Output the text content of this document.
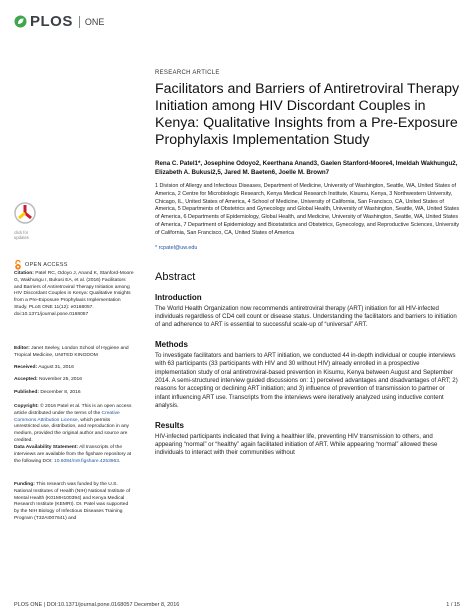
PLOS ONE
RESEARCH ARTICLE
Facilitators and Barriers of Antiretroviral Therapy Initiation among HIV Discordant Couples in Kenya: Qualitative Insights from a Pre-Exposure Prophylaxis Implementation Study
Rena C. Patel1*, Josephine Odoyo2, Keerthana Anand3, Gaelen Stanford-Moore4, Imeldah Wakhungu2, Elizabeth A. Bukusi2,5, Jared M. Baeten6, Joelle M. Brown7
1 Division of Allergy and Infectious Diseases, Department of Medicine, University of Washington, Seattle, WA, United States of America, 2 Centre for Microbiologic Research, Kenya Medical Research Institute, Kisumu, Kenya, 3 Northwestern University, Chicago, IL, United States of America, 4 School of Medicine, University of California, San Francisco, CA, United States of America, 5 Departments of Obstetrics and Gynecology and Global Health, University of Washington, Seattle, WA, United States of America, 6 Departments of Epidemiology, Global Health, and Medicine, University of Washington, Seattle, WA, United States of America, 7 Department of Epidemiology and Biostatistics and Obstetrics, Gynecology, and Reproductive Sciences, University of California, San Francisco, CA, United States of America
* rcpatel@uw.edu
Abstract
Introduction
The World Health Organization now recommends antiretroviral therapy (ART) initiation for all HIV-infected individuals regardless of CD4 cell count or disease status. Understanding the facilitators and barriers to initiation of and adherence to ART is essential to successful scale-up of “universal” ART.
Methods
To investigate facilitators and barriers to ART initiation, we conducted 44 in-depth individual or couple interviews with 63 participants (33 participants with HIV and 30 without HIV) already enrolled in a prospective implementation study of oral antiretroviral-based prevention in Kisumu, Kenya between August and September 2014. A semi-structured interview guided discussions on: 1) perceived advantages and disadvantages of ART; 2) reasons for accepting or declining ART initiation; and 3) influence of prevention of transmission to partner or infant influencing ART use. Transcripts from the interviews were iteratively analyzed using inductive content analysis.
Results
HIV-infected participants indicated that living a healthier life, preventing HIV transmission to others, and appearing “normal” or “healthy” again facilitated initiation of ART. While appearing “normal” allowed these individuals to interact with their communities without
click for updates
OPEN ACCESS
Citation: Patel RC, Odoyo J, Anand K, Stanford-Moore G, Wakhungu I, Bukusi EA, et al. (2016) Facilitators and Barriers of Antiretroviral Therapy Initiation among HIV Discordant Couples in Kenya: Qualitative Insights from a Pre-Exposure Prophylaxis Implementation Study. PLoS ONE 11(12): e0168057. doi:10.1371/journal.pone.0168057
Editor: Janet Seeley, London School of Hygiene and Tropical Medicine, UNITED KINGDOM
Received: August 31, 2016
Accepted: November 25, 2016
Published: December 8, 2016
Copyright: © 2016 Patel et al. This is an open access article distributed under the terms of the Creative Commons Attribution License, which permits unrestricted use, distribution, and reproduction in any medium, provided the original author and source are credited.
Data Availability Statement: All transcripts of the interviews are available from the figshare repository at the following DOI: 10.6084/m9.figshare.4253963.
Funding: This research was funded by the U.S. National Institutes of Health (NIH) National Institute of Mental Health (K01MH100394) and Kenya Medical Research Institute (KEMRI). Dr. Patel was supported by the NIH Biology of Infectious Diseases Training Program (T32AI007641) and
PLOS ONE | DOI:10.1371/journal.pone.0168057 December 8, 2016	1 / 15
